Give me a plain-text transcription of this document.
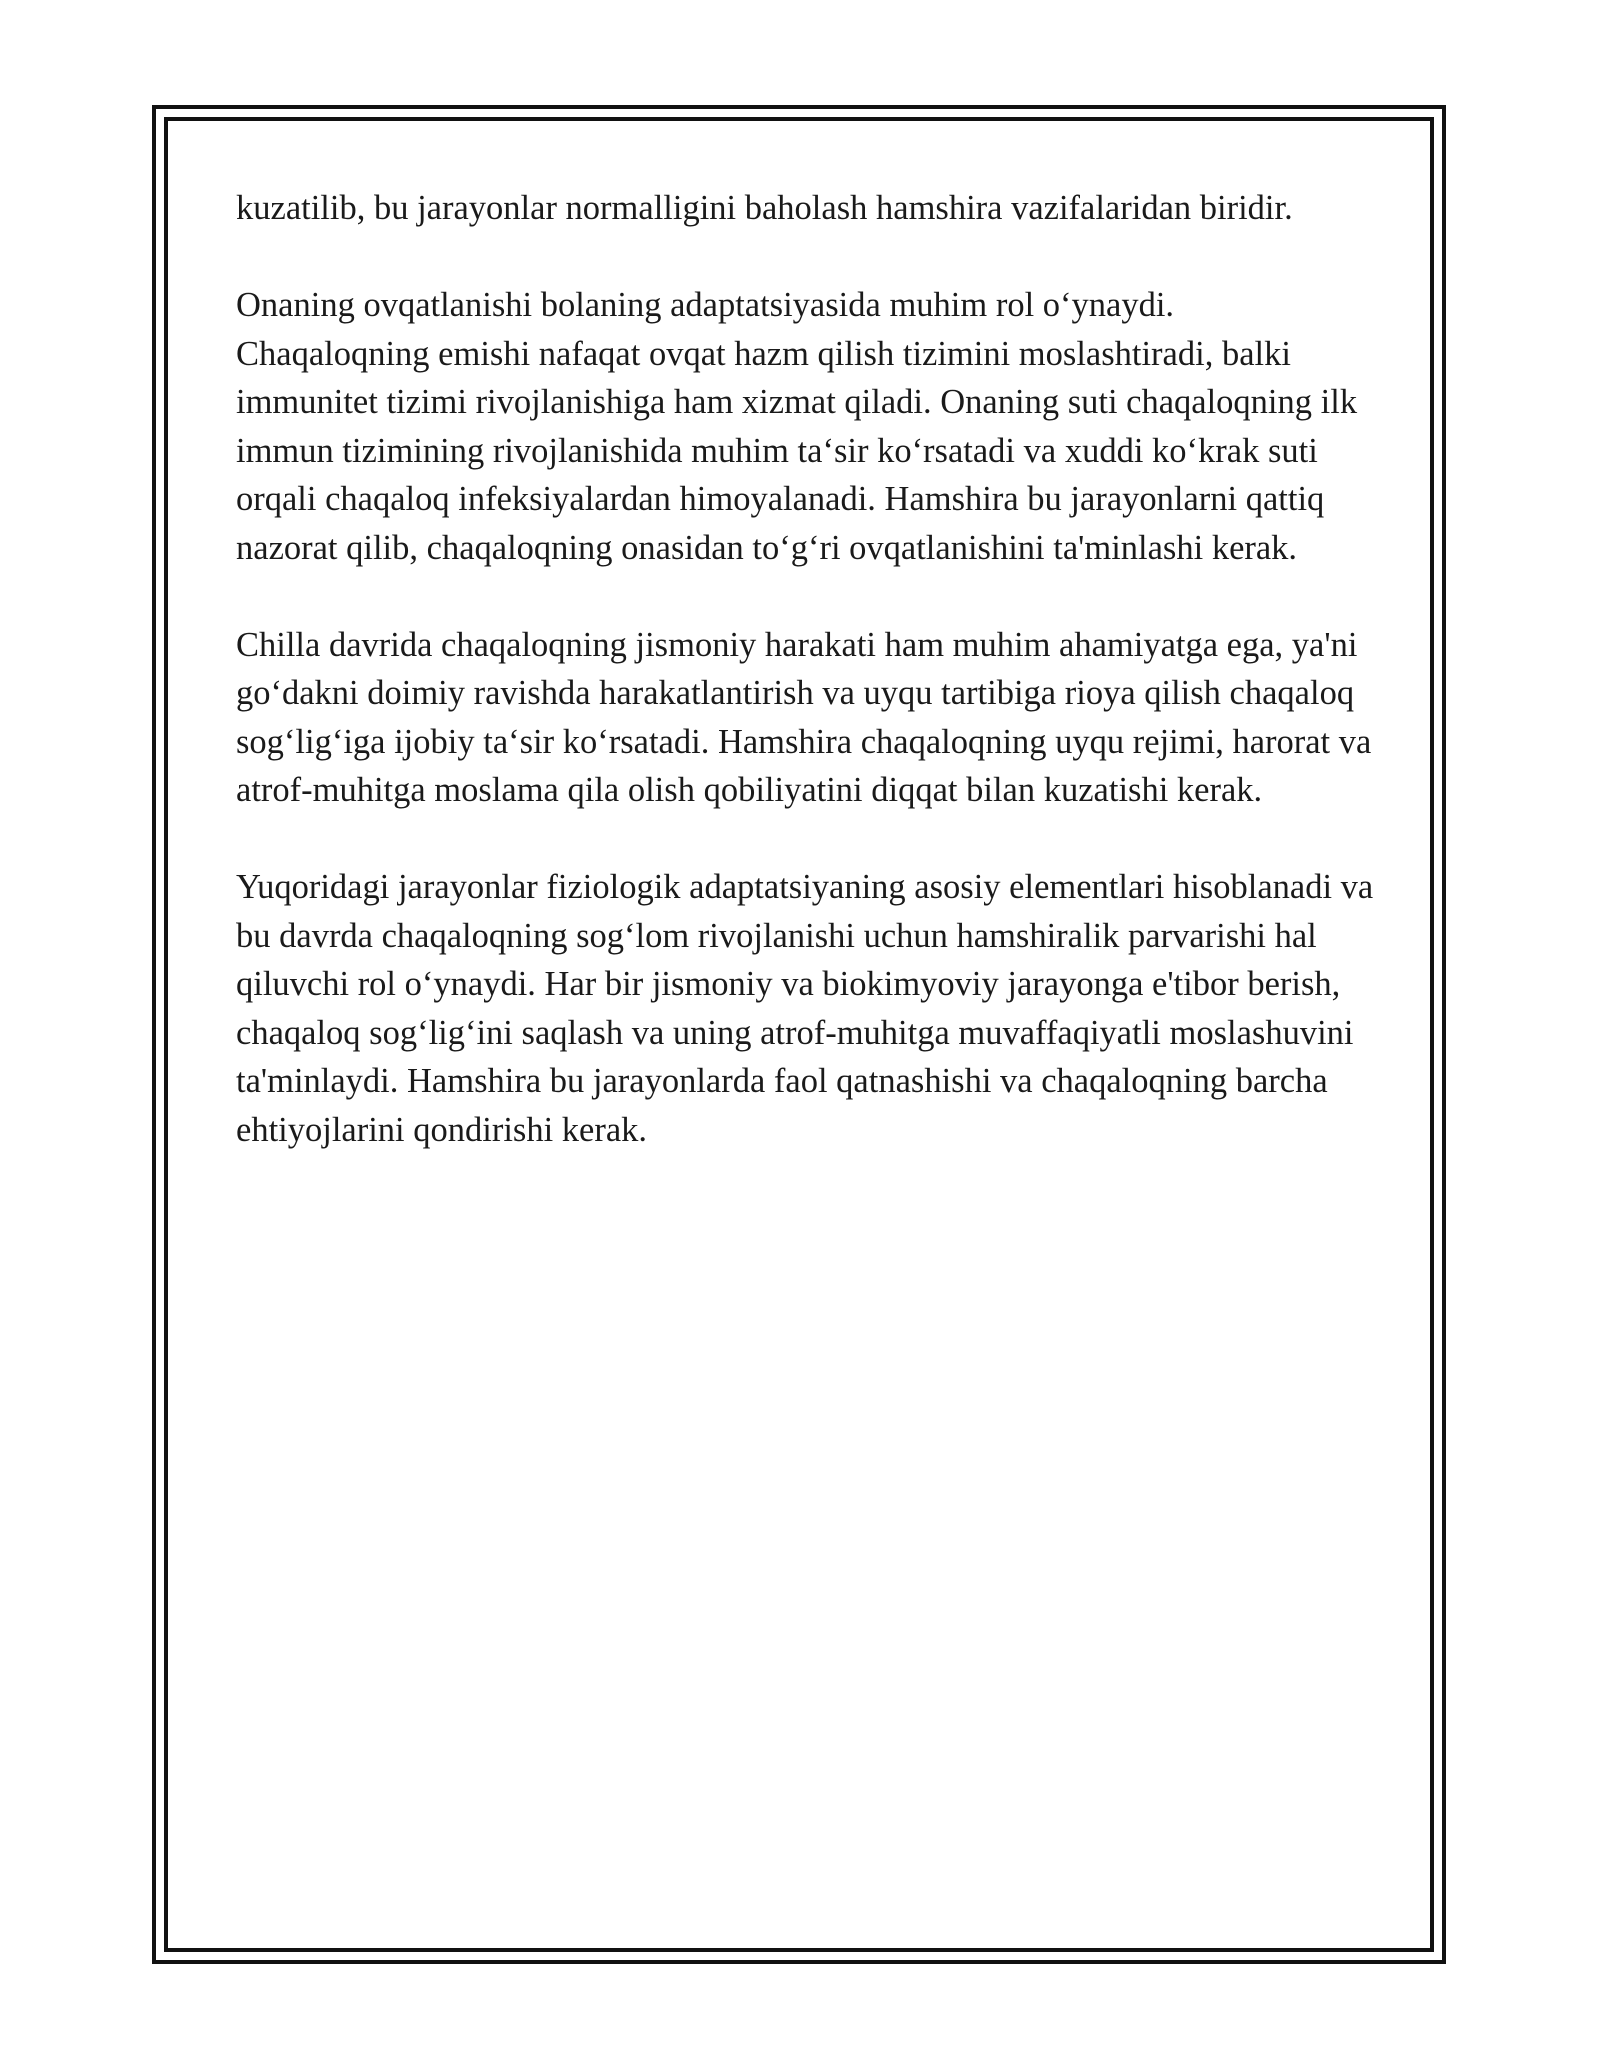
kuzatilib, bu jarayonlar normalligini baholash hamshira vazifalaridan biridir.

Onaning ovqatlanishi bolaning adaptatsiyasida muhim rol o‘ynaydi. Chaqaloqning emishi nafaqat ovqat hazm qilish tizimini moslashtiradi, balki immunitet tizimi rivojlanishiga ham xizmat qiladi. Onaning suti chaqaloqning ilk immun tizimining rivojlanishida muhim ta‘sir ko‘rsatadi va xuddi ko‘krak suti orqali chaqaloq infeksiyalardan himoyalanadi. Hamshira bu jarayonlarni qattiq nazorat qilib, chaqaloqning onasidan to‘g‘ri ovqatlanishini ta'minlashi kerak.

Chilla davrida chaqaloqning jismoniy harakati ham muhim ahamiyatga ega, ya'ni go‘dakni doimiy ravishda harakatlantirish va uyqu tartibiga rioya qilish chaqaloq sog‘lig‘iga ijobiy ta‘sir ko‘rsatadi. Hamshira chaqaloqning uyqu rejimi, harorat va atrof-muhitga moslama qila olish qobiliyatini diqqat bilan kuzatishi kerak.

Yuqoridagi jarayonlar fiziologik adaptatsiyaning asosiy elementlari hisoblanadi va bu davrda chaqaloqning sog‘lom rivojlanishi uchun hamshiralik parvarishi hal qiluvchi rol o‘ynaydi. Har bir jismoniy va biokimyoviy jarayonga e'tibor berish, chaqaloq sog‘lig‘ini saqlash va uning atrof-muhitga muvaffaqiyatli moslashuvini ta'minlaydi. Hamshira bu jarayonlarda faol qatnashishi va chaqaloqning barcha ehtiyojlarini qondirishi kerak.
